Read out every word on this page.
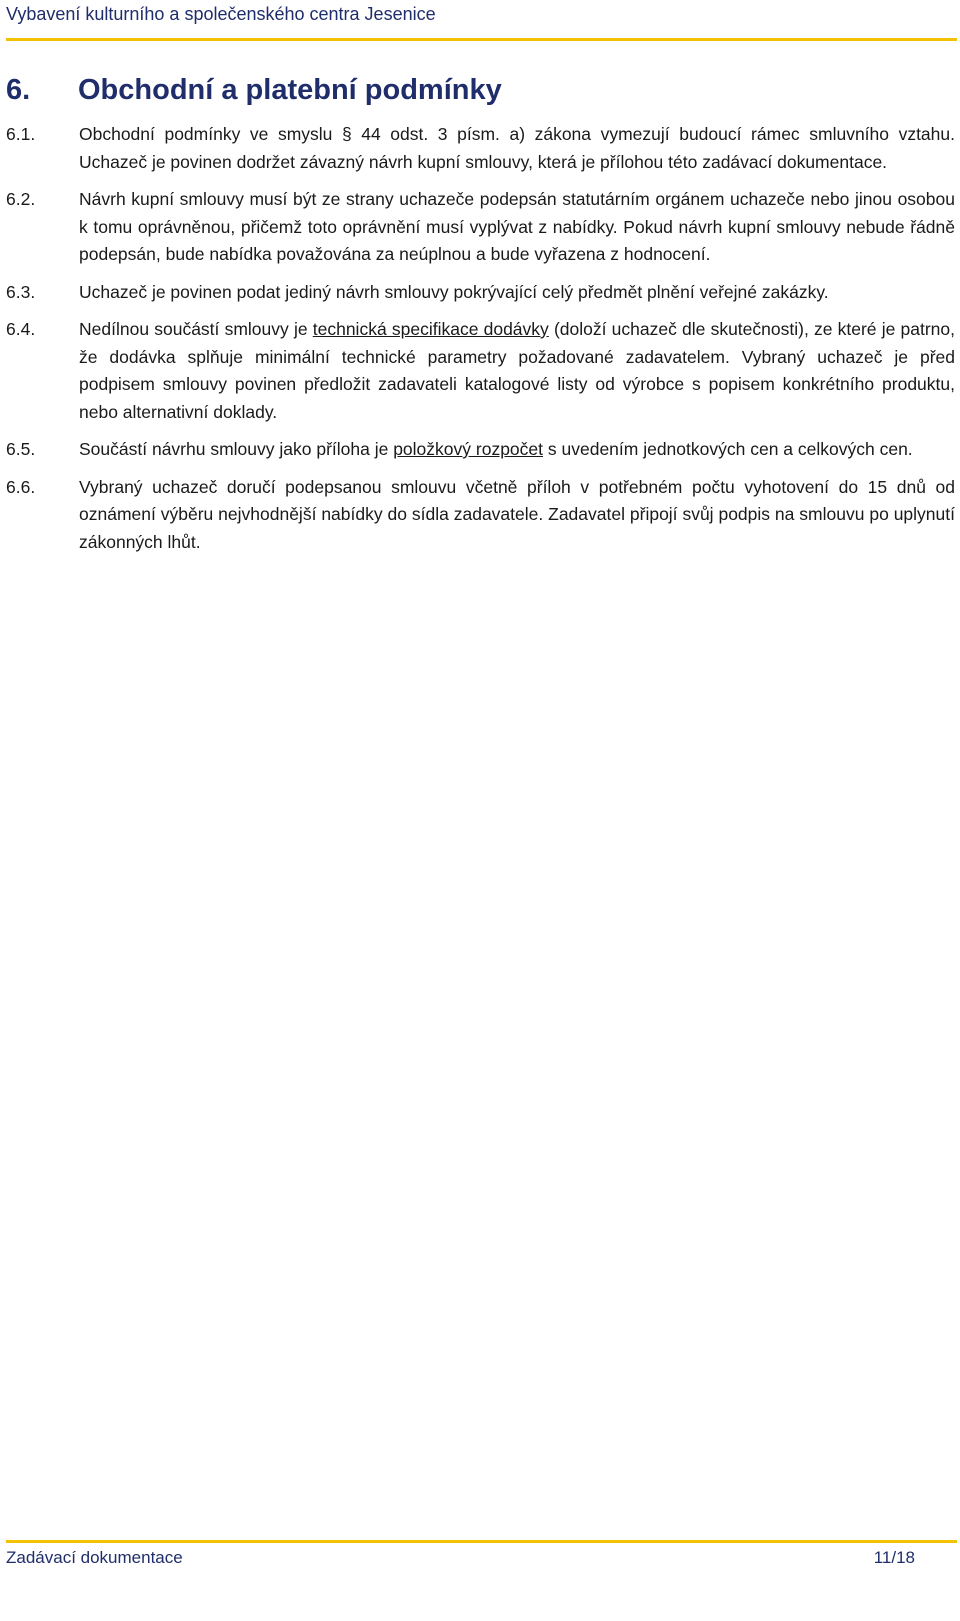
Vybavení kulturního a společenského centra Jesenice
6. Obchodní a platební podmínky
6.1.	Obchodní podmínky ve smyslu § 44 odst. 3 písm. a) zákona vymezují budoucí rámec smluvního vztahu. Uchazeč je povinen dodržet závazný návrh kupní smlouvy, která je přílohou této zadávací dokumentace.
6.2.	Návrh kupní smlouvy musí být ze strany uchazeče podepsán statutárním orgánem uchazeče nebo jinou osobou k tomu oprávněnou, přičemž toto oprávnění musí vyplývat z nabídky. Pokud návrh kupní smlouvy nebude řádně podepsán, bude nabídka považována za neúplnou a bude vyřazena z hodnocení.
6.3.	Uchazeč je povinen podat jediný návrh smlouvy pokrývající celý předmět plnění veřejné zakázky.
6.4.	Nedílnou součástí smlouvy je technická specifikace dodávky (doloží uchazeč dle skutečnosti), ze které je patrno, že dodávka splňuje minimální technické parametry požadované zadavatelem. Vybraný uchazeč je před podpisem smlouvy povinen předložit zadavateli katalogové listy od výrobce s popisem konkrétního produktu, nebo alternativní doklady.
6.5.	Součástí návrhu smlouvy jako příloha je položkový rozpočet s uvedením jednotkových cen a celkových cen.
6.6.	Vybraný uchazeč doručí podepsanou smlouvu včetně příloh v potřebném počtu vyhotovení do 15 dnů od oznámení výběru nejvhodnější nabídky do sídla zadavatele. Zadavatel připojí svůj podpis na smlouvu po uplynutí zákonných lhůt.
Zadávací dokumentace	11/18
